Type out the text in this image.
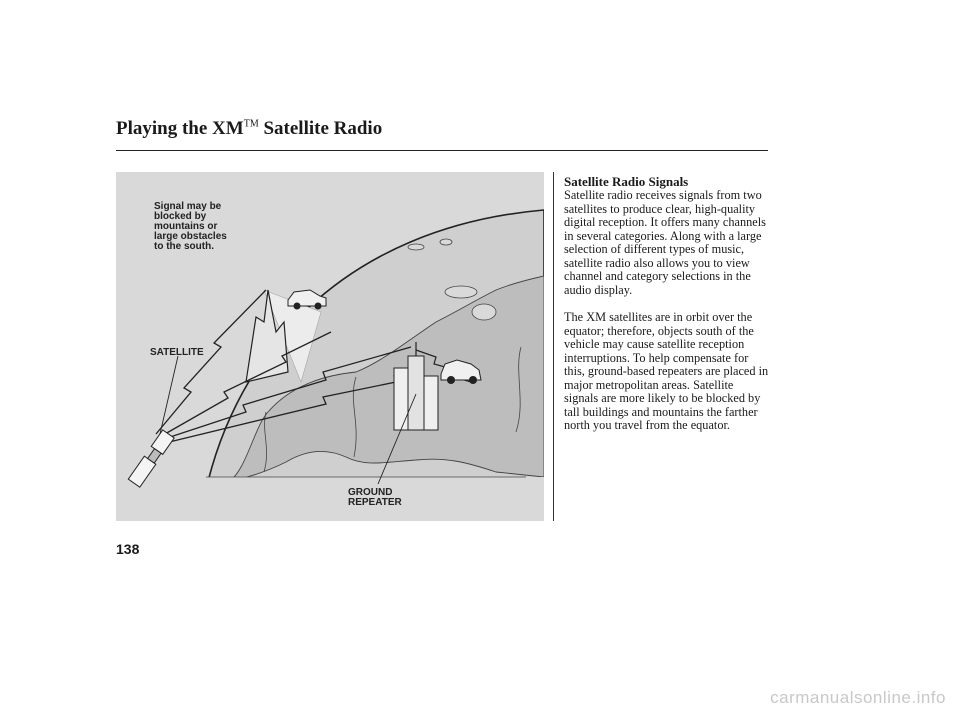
Playing the XM™ Satellite Radio
Signal may be
blocked by
mountains or
large obstacles
to the south.
SATELLITE
GROUND
REPEATER
Satellite Radio Signals

Satellite radio receives signals from two satellites to produce clear, high-quality digital reception. It offers many channels in several categories. Along with a large selection of different types of music, satellite radio also allows you to view channel and category selections in the audio display.

The XM satellites are in orbit over the equator; therefore, objects south of the vehicle may cause satellite reception interruptions. To help compensate for this, ground-based repeaters are placed in major metropolitan areas. Satellite signals are more likely to be blocked by tall buildings and mountains the farther north you travel from the equator.

138
carmanualsonline.info
